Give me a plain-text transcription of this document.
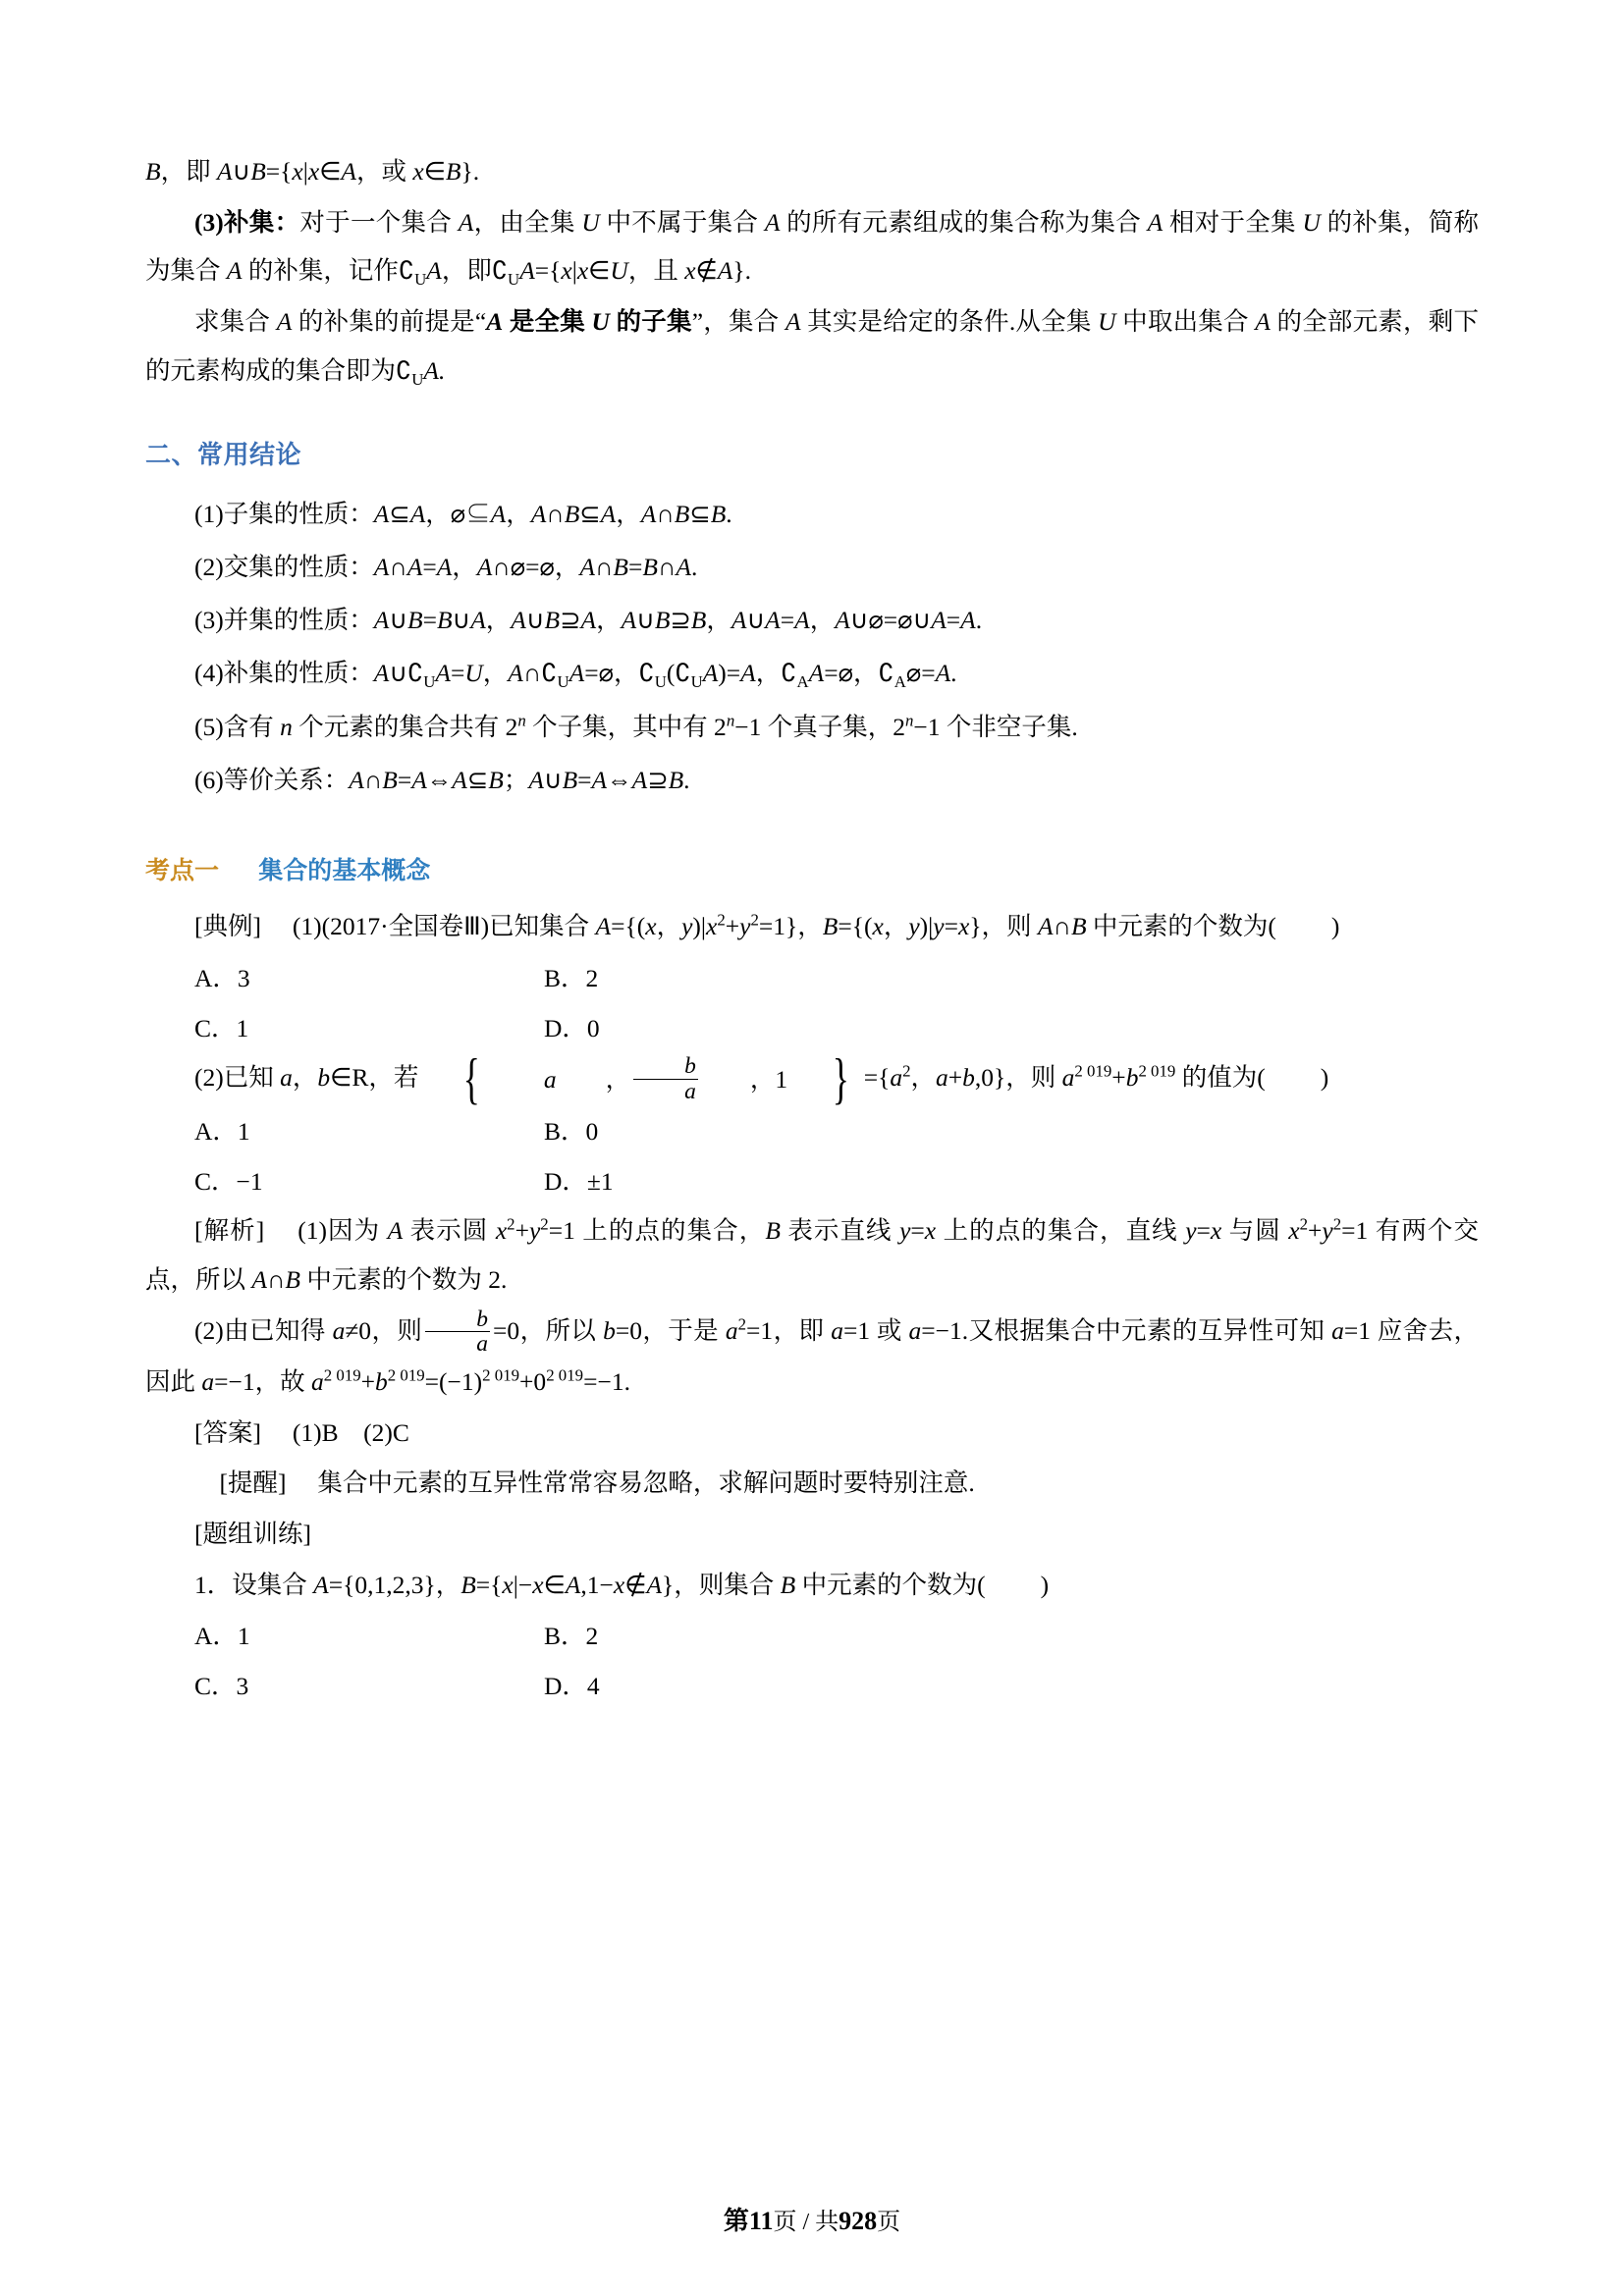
B，即 A∪B={x|x∈A，或 x∈B}.

(3)补集：对于一个集合 A，由全集 U 中不属于集合 A 的所有元素组成的集合称为集合 A 相对于全集 U 的补集，简称为集合 A 的补集，记作$∁_UA$，即$∁_UA=\{x|x\in U$，且 x∉A}.

求集合 A 的补集的前提是“A 是全集 U 的子集”，集合 A 其实是给定的条件.从全集 U 中取出集合 A 的全部元素，剩下的元素构成的集合即为$∁_UA$.

二、常用结论

(1)子集的性质：A⊆A，⌀⊆A，A∩B⊆A，A∩B⊆B.

(2)交集的性质：A∩A=A，A∩⌀=⌀，A∩B=B∩A.

(3)并集的性质：A∪B=B∪A，A∪B⊇A，A∪B⊇B，A∪A=A，A∪⌀=⌀∪A=A.

(4)补集的性质：$A\cup∁_UA=U$，$A\cap∁_UA=⌀$，$∁_U(∁_UA)=A$，$∁_AA=⌀$，$∁_A⌀=A$.

(5)含有 n 个元素的集合共有 2$^n$ 个子集，其中有 $2^n-1$ 个真子集，$2^n-1$ 个非空子集.

(6)等价关系：A∩B=A⇔A⊆B；A∪B=A⇔A⊇B.

考点一 集合的基本概念

[典例] 　(1)(2017·全国卷Ⅲ)已知集合 A={(x，$y)|x^2+y^2=1$}，B={(x，y)|y=x}，则 A∩B 中元素的个数为( )

A．3	B．2
C．1	D．0

(2)已知 a，b∈R，若 {	a ， $\frac{b}{a}$ ，1 } $=\{a^2$，a+b,0}，则 $a^{2 019}+b^{2 019}$ 的值为( )

A．1	B．0
C．−1	D．±1

[解析] 　(1)因为 A 表示圆 $x^2+y^2=1$ 上的点的集合，B 表示直线 y=x 上的点的集合，直线 y=x 与圆 $x^2+y^2=1$ 有两个交点，所以 A∩B 中元素的个数为 2.

(2)由已知得 a≠0，则 $\frac{b}{a} =0$，所以 b=0，于是 $a^2=1$，即 a=1 或 a=−1.又根据集合中元素的互异性可知 a=1 应舍去，因此 a=−1，故 $a^{2 019}+b^{2 019}=(-1)^{2 019}+0^{2 019}=-1$.

[答案] 　 (1)B　(2)C

　[提醒] 　 集合中元素的互异性常常容易忽略，求解问题时要特别注意.

[题组训练]

1．设集合 A={0,1,2,3}，B={x|−x∈A,1−x∉A}，则集合 B 中元素的个数为( )

A．1	B．2
C．3	D．4
第11页 / 共928页
